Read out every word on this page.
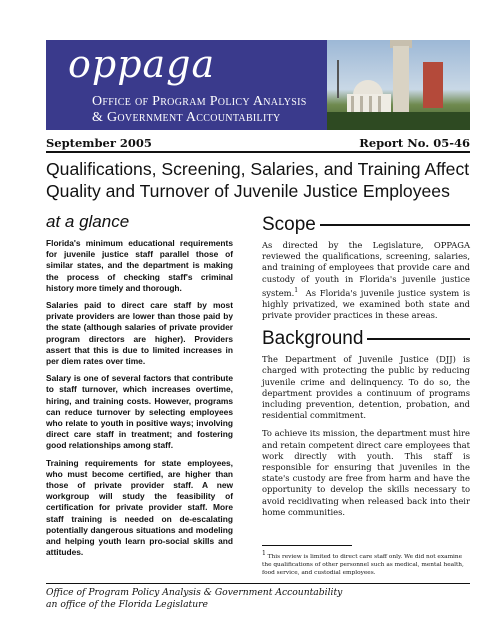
oppaga
Office of Program Policy Analysis
& Government Accountability
September 2005	Report No. 05-46
Qualifications, Screening, Salaries, and Training Affect Quality and Turnover of Juvenile Justice Employees
at a glance

Florida's minimum educational requirements for juvenile justice staff parallel those of similar states, and the department is making the process of checking staff's criminal history more timely and thorough.

Salaries paid to direct care staff by most private providers are lower than those paid by the state (although salaries of private provider program directors are higher). Providers assert that this is due to limited increases in per diem rates over time.

Salary is one of several factors that contribute to staff turnover, which increases overtime, hiring, and training costs. However, programs can reduce turnover by selecting employees who relate to youth in positive ways; involving direct care staff in treatment; and fostering good relationships among staff.

Training requirements for state employees, who must become certified, are higher than those of private provider staff. A new workgroup will study the feasibility of certification for private provider staff. More staff training is needed on de-escalating potentially dangerous situations and modeling and helping youth learn pro-social skills and attitudes.

Scope

As directed by the Legislature, OPPAGA reviewed the qualifications, screening, salaries, and training of employees that provide care and custody of youth in Florida's juvenile justice system.$^1$ As Florida's juvenile justice system is highly privatized, we examined both state and private provider practices in these areas.

Background

The Department of Juvenile Justice (DJJ) is charged with protecting the public by reducing juvenile crime and delinquency. To do so, the department provides a continuum of programs including prevention, detention, probation, and residential commitment.

To achieve its mission, the department must hire and retain competent direct care employees that work directly with youth. This staff is responsible for ensuring that juveniles in the state's custody are free from harm and have the opportunity to develop the skills necessary to avoid recidivating when released back into their home communities.

1 This review is limited to direct care staff only. We did not examine the qualifications of other personnel such as medical, mental health, food service, and custodial employees.
Office of Program Policy Analysis & Government Accountability
an office of the Florida Legislature
